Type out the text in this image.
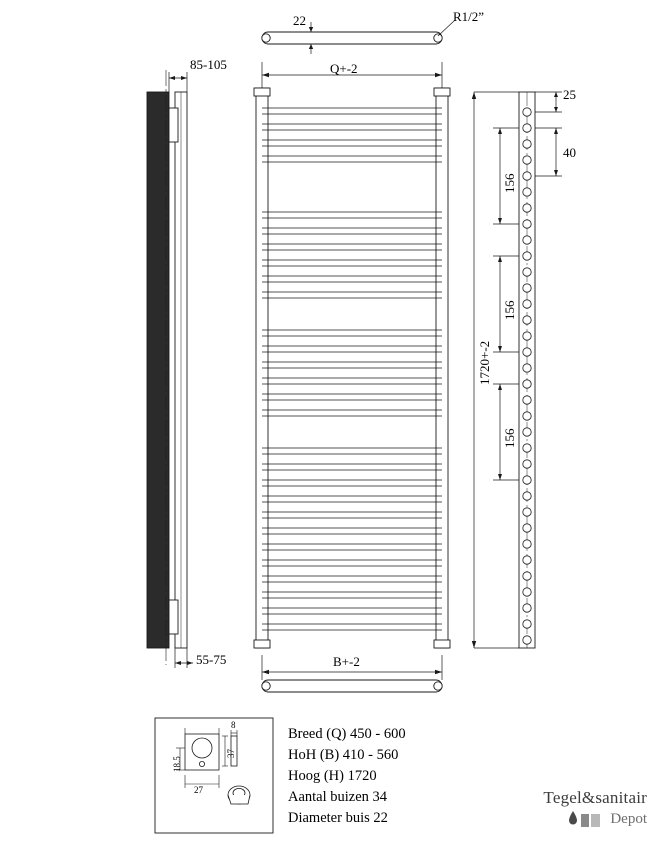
22	R1/2”
Q+-2
85-105
55-75	B+-2
1720+-2
156
156
156
25
40
8
37
18.5
27
Breed (Q) 450 - 600
HoH (B) 410 - 560
Hoog (H) 1720
Aantal buizen 34
Diameter buis 22
Tegel&sanitair
Depot
